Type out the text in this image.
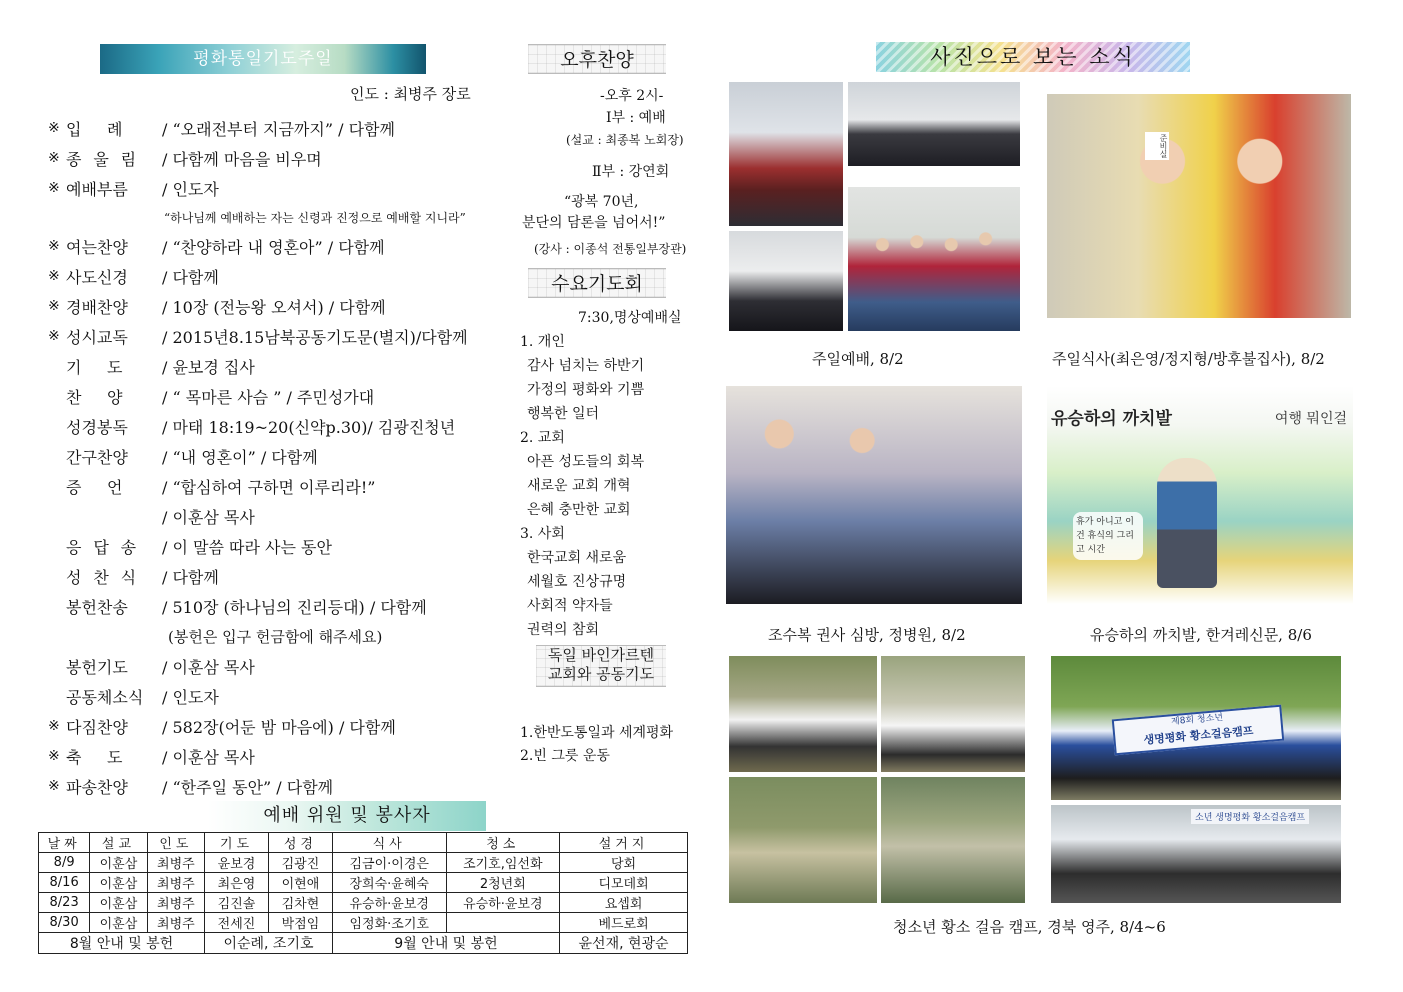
평화통일기도주일
인도 : 최병주 장로
※ 입 례 / “오래전부터 지금까지” / 다함께
※ 종 울 림 / 다함께 마음을 비우며
※ 예배부름 / 인도자
“하나님께 예배하는 자는 신령과 진정으로 예배할 지니라”
※ 여는찬양 / “찬양하라 내 영혼아” / 다함께
※ 사도신경 / 다함께
※ 경배찬양 / 10장 (전능왕 오셔서) / 다함께
※ 성시교독 / 2015년8.15남북공동기도문(별지)/다함께
기 도 / 윤보경 집사
찬 양 / “ 목마른 사슴 ” / 주민성가대
성경봉독 / 마태 18:19~20(신약p.30)/ 김광진청년
간구찬양 / “내 영혼이” / 다함께
증 언 / “합심하여 구하면 이루리라!”
/ 이훈삼 목사
응 답 송 / 이 말씀 따라 사는 동안
성 찬 식 / 다함께
봉헌찬송 / 510장 (하나님의 진리등대) / 다함께
(봉헌은 입구 헌금함에 해주세요)
봉헌기도 / 이훈삼 목사
공동체소식 / 인도자
※ 다짐찬양 / 582장(어둔 밤 마음에) / 다함께
※ 축 도 / 이훈삼 목사
※ 파송찬양 / “한주일 동안” / 다함께
예배 위원 및 봉사자
날짜	설교	인도	기도	성경	식사	청소	설거지
8/9	이훈삼	최병주	윤보경	김광진	김금이·이경은	조기호,임선화	당회
8/16	이훈삼	최병주	최은영	이현애	장희숙·윤혜숙	2청년회	디모데회
8/23	이훈삼	최병주	김진솔	김차현	유승하·윤보경	유승하·윤보경	요셉회
8/30	이훈삼	최병주	전세진	박점임	임정화·조기호		베드로회
8월 안내 및 봉헌			이순례, 조기호		9월 안내 및 봉헌		윤선재, 현광순
오후찬양
-오후 2시-
Ⅰ부 : 예배
(설교 : 최종복 노회장)
Ⅱ부 : 강연회
“광복 70년,
분단의 담론을 넘어서!”
(강사 : 이종석 전통일부장관)
수요기도회
7:30,명상예배실
1. 개인
감사 넘치는 하반기
가정의 평화와 기쁨
행복한 일터
2. 교회
아픈 성도들의 회복
새로운 교회 개혁
은혜 충만한 교회
3. 사회
한국교회 새로움
세월호 진상규명
사회적 약자들
권력의 참회
독일 바인가르텐
교회와 공동기도
1.한반도통일과 세계평화
2.빈 그릇 운동
사진으로 보는 소식
주일예배, 8/2
준비실
주일식사(최은영/정지형/방후불집사), 8/2
조수복 권사 심방, 정병원, 8/2
유승하의 까치발	여행 뭐인걸
휴가 아니고 이건 휴식의 그리고 시간
유승하의 까치발, 한겨레신문, 8/6
제8회 청소년
생명평화 황소걸음캠프
소년 생명평화 황소걸음캠프
청소년 황소 걸음 캠프, 경북 영주, 8/4~6
